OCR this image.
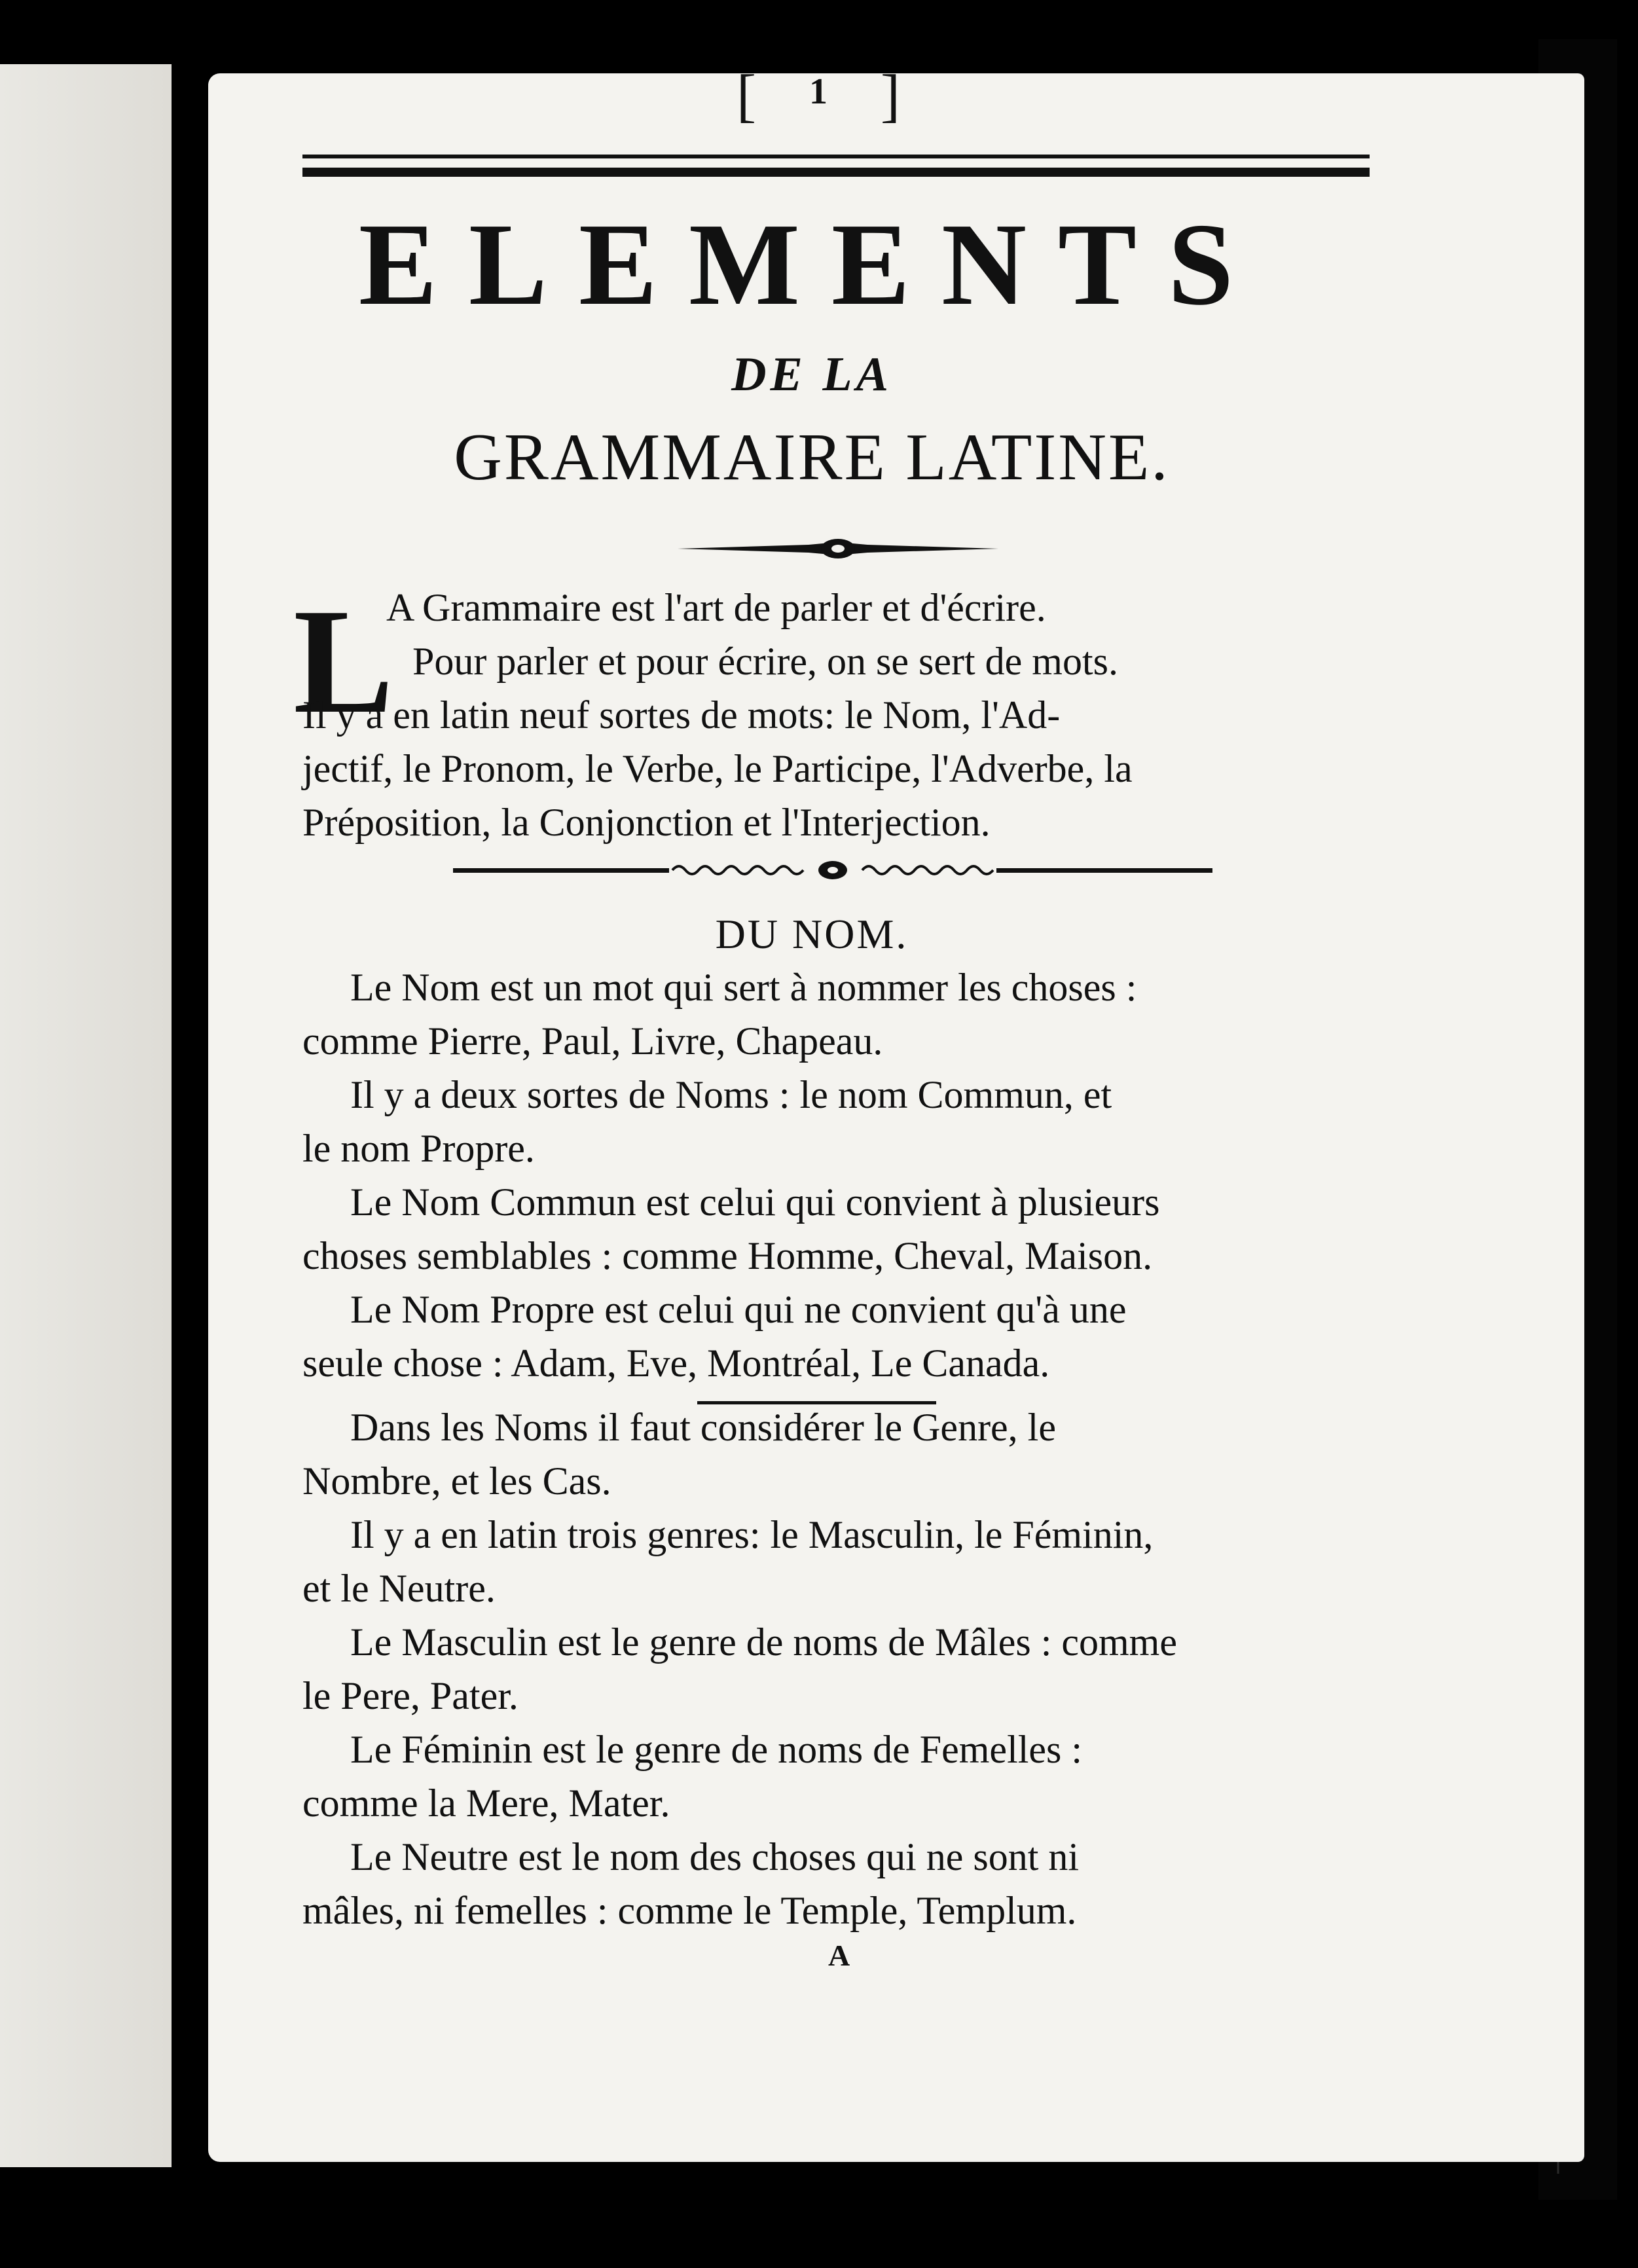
[	1 ]
ELEMENTS
DE LA
GRAMMAIRE LATINE.
L
A Grammaire est l'art de parler et d'écrire.
Pour parler et pour écrire, on se sert de mots.
Il y a en latin neuf sortes de mots: le Nom, l'Ad-
jectif, le Pronom, le Verbe, le Participe, l'Adverbe, la
Préposition, la Conjonction et l'Interjection.
DU NOM.
Le Nom est un mot qui sert à nommer les choses :
comme Pierre, Paul, Livre, Chapeau.
Il y a deux sortes de Noms : le nom Commun, et
le nom Propre.
Le Nom Commun est celui qui convient à plusieurs
choses semblables : comme Homme, Cheval, Maison.
Le Nom Propre est celui qui ne convient qu'à une
seule chose : Adam, Eve, Montréal, Le Canada.
Dans les Noms il faut considérer le Genre, le
Nombre, et les Cas.
Il y a en latin trois genres: le Masculin, le Féminin,
et le Neutre.
Le Masculin est le genre de noms de Mâles : comme
le Pere, Pater.
Le Féminin est le genre de noms de Femelles :
comme la Mere, Mater.
Le Neutre est le nom des choses qui ne sont ni
mâles, ni femelles : comme le Temple, Templum.
A
